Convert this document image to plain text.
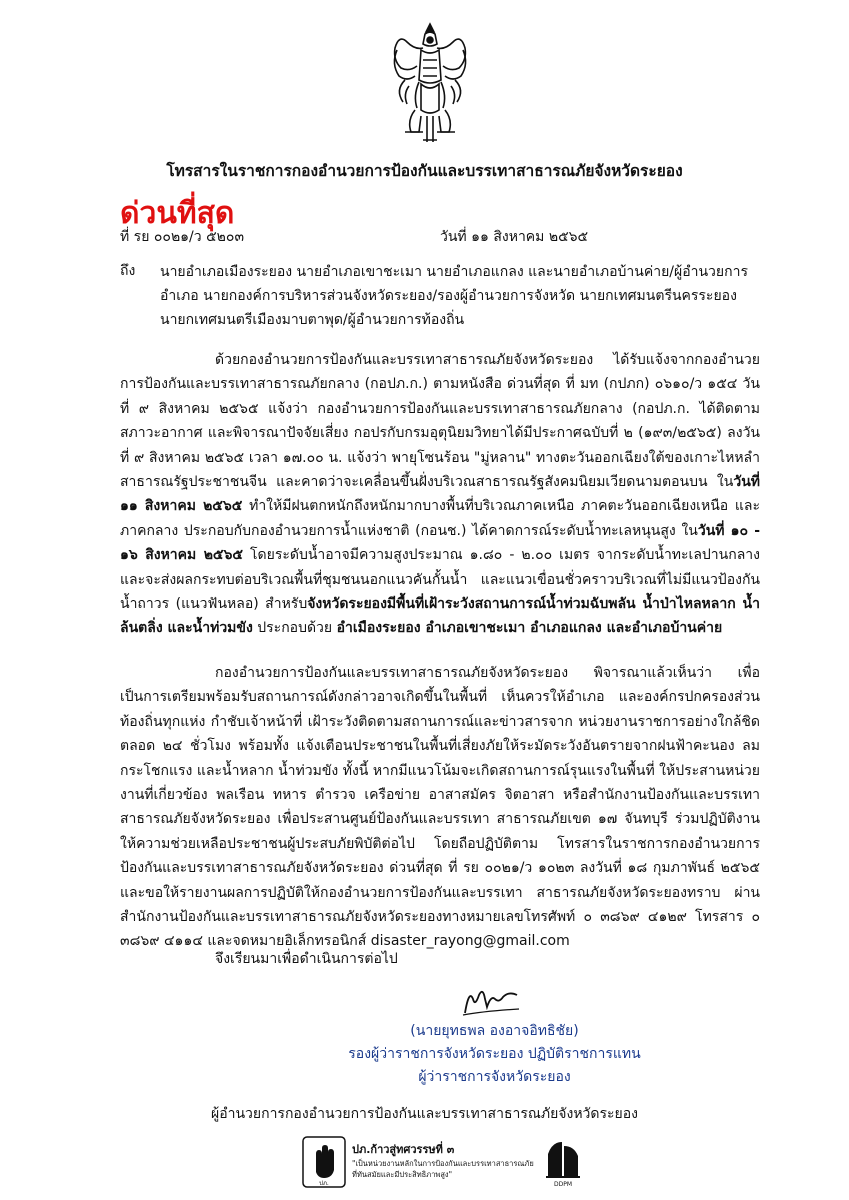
โทรสารในราชการกองอำนวยการป้องกันและบรรเทาสาธารณภัยจังหวัดระยอง
ด่วนที่สุด
ที่ รย ๐๐๒๑/ว ๕๒๐๓	วันที่ ๑๑ สิงหาคม ๒๕๖๕
ถึง นายอำเภอเมืองระยอง นายอำเภอเขาชะเมา นายอำเภอแกลง และนายอำเภอบ้านค่าย/ผู้อำนวยการอำเภอ นายกองค์การบริหารส่วนจังหวัดระยอง/รองผู้อำนวยการจังหวัด นายกเทศมนตรีนครระยอง นายกเทศมนตรีเมืองมาบตาพุด/ผู้อำนวยการท้องถิ่น
ด้วยกองอำนวยการป้องกันและบรรเทาสาธารณภัยจังหวัดระยอง ได้รับแจ้งจากกองอำนวยการป้องกันและบรรเทาสาธารณภัยกลาง (กอปภ.ก.) ตามหนังสือ ด่วนที่สุด ที่ มท (กปภก) ๐๖๑๐/ว ๑๕๔ วันที่ ๙ สิงหาคม ๒๕๖๕ แจ้งว่า กองอำนวยการป้องกันและบรรเทาสาธารณภัยกลาง (กอปภ.ก. ได้ติดตามสภาวะอากาศ และพิจารณาปัจจัยเสี่ยง กอปรกับกรมอุตุนิยมวิทยาได้มีประกาศฉบับที่ ๒ (๑๙๓/๒๕๖๕) ลงวันที่ ๙ สิงหาคม ๒๕๖๕ เวลา ๑๗.๐๐ น. แจ้งว่า พายุโซนร้อน "มู่หลาน" ทางตะวันออกเฉียงใต้ของเกาะไหหลำ สาธารณรัฐประชาชนจีน และคาดว่าจะเคลื่อนขึ้นฝั่งบริเวณสาธารณรัฐสังคมนิยมเวียดนามตอนบน ในวันที่ ๑๑ สิงหาคม ๒๕๖๕ ทำให้มีฝนตกหนักถึงหนักมากบางพื้นที่บริเวณภาคเหนือ ภาคตะวันออกเฉียงเหนือ และภาคกลาง ประกอบกับกองอำนวยการน้ำแห่งชาติ (กอนช.) ได้คาดการณ์ระดับน้ำทะเลหนุนสูง ในวันที่ ๑๐ - ๑๖ สิงหาคม ๒๕๖๕ โดยระดับน้ำอาจมีความสูงประมาณ ๑.๘๐ - ๒.๐๐ เมตร จากระดับน้ำทะเลปานกลาง และจะส่งผลกระทบต่อบริเวณพื้นที่ชุมชนนอกแนวคันกั้นน้ำ และแนวเขื่อนชั่วคราวบริเวณที่ไม่มีแนวป้องกันน้ำถาวร (แนวฟันหลอ) สำหรับจังหวัดระยองมีพื้นที่เฝ้าระวังสถานการณ์น้ำท่วมฉับพลัน น้ำป่าไหลหลาก น้ำล้นตลิ่ง และน้ำท่วมขัง ประกอบด้วย อำเมืองระยอง อำเภอเขาชะเมา อำเภอแกลง และอำเภอบ้านค่าย
กองอำนวยการป้องกันและบรรเทาสาธารณภัยจังหวัดระยอง พิจารณาแล้วเห็นว่า เพื่อเป็นการเตรียมพร้อมรับสถานการณ์ดังกล่าวอาจเกิดขึ้นในพื้นที่ เห็นควรให้อำเภอ และองค์กรปกครองส่วนท้องถิ่นทุกแห่ง กำชับเจ้าหน้าที่ เฝ้าระวังติดตามสถานการณ์และข่าวสารจาก หน่วยงานราชการอย่างใกล้ชิดตลอด ๒๔ ชั่วโมง พร้อมทั้ง แจ้งเตือนประชาชนในพื้นที่เสี่ยงภัยให้ระมัดระวังอันตรายจากฝนฟ้าคะนอง ลมกระโชกแรง และน้ำหลาก น้ำท่วมขัง ทั้งนี้ หากมีแนวโน้มจะเกิดสถานการณ์รุนแรงในพื้นที่ ให้ประสานหน่วยงานที่เกี่ยวข้อง พลเรือน ทหาร ตำรวจ เครือข่าย อาสาสมัคร จิตอาสา หรือสำนักงานป้องกันและบรรเทาสาธารณภัยจังหวัดระยอง เพื่อประสานศูนย์ป้องกันและบรรเทา สาธารณภัยเขต ๑๗ จันทบุรี ร่วมปฏิบัติงานให้ความช่วยเหลือประชาชนผู้ประสบภัยพิบัติต่อไป โดยถือปฏิบัติตาม โทรสารในราชการกองอำนวยการป้องกันและบรรเทาสาธารณภัยจังหวัดระยอง ด่วนที่สุด ที่ รย ๐๐๒๑/ว ๑๐๒๓ ลงวันที่ ๑๘ กุมภาพันธ์ ๒๕๖๕ และขอให้รายงานผลการปฏิบัติให้กองอำนวยการป้องกันและบรรเทา สาธารณภัยจังหวัดระยองทราบ ผ่านสำนักงานป้องกันและบรรเทาสาธารณภัยจังหวัดระยองทางหมายเลขโทรศัพท์ ๐ ๓๘๖๙ ๔๑๒๙ โทรสาร ๐ ๓๘๖๙ ๔๑๑๔ และจดหมายอิเล็กทรอนิกส์ disaster_rayong@gmail.com
จึงเรียนมาเพื่อดำเนินการต่อไป
(นายยุทธพล องอาจอิทธิชัย)
รองผู้ว่าราชการจังหวัดระยอง ปฏิบัติราชการแทน
ผู้ว่าราชการจังหวัดระยอง
ผู้อำนวยการกองอำนวยการป้องกันและบรรเทาสาธารณภัยจังหวัดระยอง
ปภ.
ปภ.ก้าวสู่ทศวรรษที่ ๓
"เป็นหน่วยงานหลักในการป้องกันและบรรเทาสาธารณภัย
ที่ทันสมัยและมีประสิทธิภาพสูง"
DDPM
